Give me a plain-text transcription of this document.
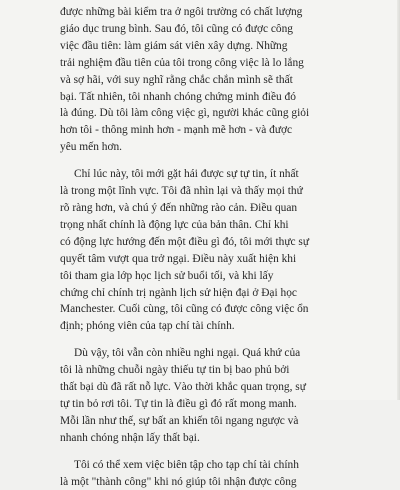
được những bài kiểm tra ở ngôi trường có chất lượng
giáo dục trung bình. Sau đó, tôi cũng có được công
việc đầu tiên: làm giám sát viên xây dựng. Những
trải nghiệm đầu tiên của tôi trong công việc là lo lắng
và sợ hãi, với suy nghĩ rằng chắc chắn mình sẽ thất
bại. Tất nhiên, tôi nhanh chóng chứng minh điều đó
là đúng. Dù tôi làm công việc gì, người khác cũng giỏi
hơn tôi - thông minh hơn - mạnh mẽ hơn - và được
yêu mến hơn.

Chỉ lúc này, tôi mới gặt hái được sự tự tin, ít nhất
là trong một lĩnh vực. Tôi đã nhìn lại và thấy mọi thứ
rõ ràng hơn, và chú ý đến những rào cản. Điều quan
trọng nhất chính là động lực của bản thân. Chỉ khi
có động lực hướng đến một điều gì đó, tôi mới thực sự
quyết tâm vượt qua trở ngại. Điều này xuất hiện khi
tôi tham gia lớp học lịch sử buổi tối, và khi lấy
chứng chỉ chính trị ngành lịch sử hiện đại ở Đại học
Manchester. Cuối cùng, tôi cũng có được công việc ổn
định; phóng viên của tạp chí tài chính.

Dù vậy, tôi vẫn còn nhiều nghi ngại. Quá khứ của
tôi là những chuỗi ngày thiếu tự tin bị bao phủ bởi
thất bại dù đã rất nỗ lực. Vào thời khắc quan trọng, sự
tự tin bỏ rơi tôi. Tự tin là điều gì đó rất mong manh.
Mỗi lần như thế, sự bất an khiến tôi ngang ngược và
nhanh chóng nhận lấy thất bại.

Tôi có thể xem việc biên tập cho tạp chí tài chính
là một "thành công" khi nó giúp tôi nhận được công
